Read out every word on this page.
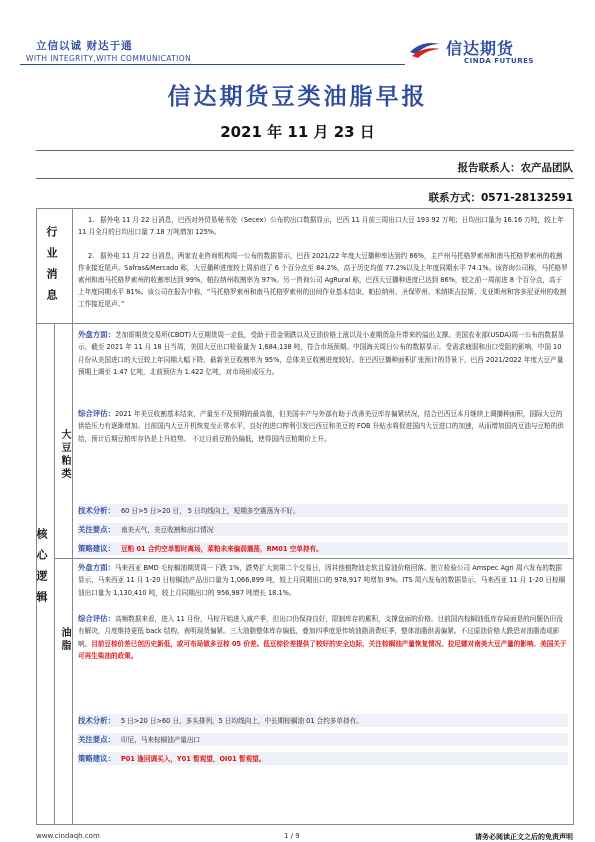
立信以诚 财达于通
WITH INTEGRITY,WITH COMMUNICATION
信达期货
CINDA FUTURES
信达期货豆类油脂早报
2021 年 11 月 23 日
报告联系人：农产品团队
联系方式：0571-28132591
行业消息
核心逻辑
大豆粕类
油脂
1. 据外电 11 月 22 日消息，巴西对外贸易秘书处（Secex）公布的出口数据显示，巴西 11 月前三周出口大豆 193.92 万吨；日均出口量为 16.16 万吨，较上年 11 月全月的日均出口量 7.18 万吨增加 125%。
2. 据外电 11 月 22 日消息，两家农业咨询机构周一公布的数据显示，巴西 2021/22 年度大豆播种率达到约 86%，主产州马托格罗索州和南马托格罗索州的收割作业接近尾声。Safras&Mercado 称，大豆播种进度较上周前进了 6 个百分点至 84.2%，高于历史均值 77.2%以及上年度同期水平 74.1%。该咨询公司称，马托格罗索州和南马托格罗索州的收割率达到 99%，帕拉纳州收割率为 97%。另一咨询公司 AgRural 称，巴西大豆播种进度已达到 86%，较之前一周前进 8 个百分点，高于上年度同期水平 81%。该公司在报告中称，“马托格罗索州和南马托格罗索州的田间作业基本结束，帕拉纳州、圣保罗州、米纳斯吉拉斯、戈亚斯州和容多尼亚州的收割工作接近尾声。”
外盘方面：芝加哥期货交易所(CBOT)大豆期货周一走低，受助于资金领跌以及豆油价格上涨以及小麦期货急升带来的溢出支撑。美国农业部(USDA)周一公布的数据显示，截至 2021 年 11 月 18 日当周，美国大豆出口检验量为 1,684,138 吨，符合市场预期。中国海关周日公布的数据显示，受需求疲弱和出口受阻的影响，中国 10 月份从美国进口的大豆较上年同期大幅下降，最新美豆收割率为 95%，总体美豆收割进度较好。在巴西豆播种面积扩张预计的背景下，巴西 2021/2022 年度大豆产量预期上调至 1.47 亿吨，北前预估为 1.422 亿吨，对市场形成压力。
综合评估：2021 年美豆收割基本结束，产量至不及预期的最高值，但美国丰产与外部有助于改善美豆库存偏紧状况，结合巴西豆本月继续上调播种面积，国际大豆的供给压力有逐渐增加。目前国内大豆开机恢复至正常水平，良好的进口榨利引发巴西豆和美豆的 FOB 升贴水将促进国内大豆进口的加速，从而增加国内豆油与豆粕的供给，预计后期豆粕库存仍是上升趋势。 不过目前豆粕仍偏低，使得国内豆粕期价上升。
技术分析： 60 日>5 日>20 日， 5 日均线向上，短期多空震荡为不好。
关注要点： 南美天气，美豆收割和出口情况
策略建议： 豆粕 01 合约空单暂时离场，菜粕未来偏弱震荡，RM01 空单持有。
外盘方面：马来西亚 BMD 毛棕榈油期货周一下跌 1%，跌势扩大到第二个交易日，因其他植物油走软且原油价格回落。独立检验公司 Amspec Agri 周六发布的数据显示，马来西亚 11 月 1-20 日棕榈油产品出口量为 1,066,899 吨，较上月同期出口的 978,917 吨增加 9%。ITS 周六发布的数据显示，马来西亚 11 月 1-20 日棕榈油出口量为 1,130,410 吨，较上月同期出口的 956,987 吨增长 18.1%。
综合评估：高频数据来看，进入 11 月份，马棕开始进入减产季，但出口仍保持良好，限制库存的累积，支撑盘面的价格。目前国内棕榈油低库存局面是的问题仍旧没有解决，月度维持更低 back 结构，表明现货偏紧。三大油脂整体库存偏低，叠加四季度是传统油脂消费旺季，整体油脂供需偏紧。不过原油价格大跌恐对油脂造成影响。目前豆棕价差已创历史新低，或可布局做多豆棕 05 价差。低豆棕价差提供了较好的安全边际，关注棕榈油产量恢复情况、拉尼娜对南美大豆产量的影响、美国关于可再生柴油的政策。
技术分析： 5 日>20 日>60 日，多头排列，5 日均线向上，中长期棕榈油 01 合约多单持有。
关注要点： 印尼、马来棕榈油产量出口
策略建议： P01 逢回调买入，Y01 暂观望，OI01 暂观望。
www.cindaqh.com	1 / 9	请务必阅读正文之后的免责声明
